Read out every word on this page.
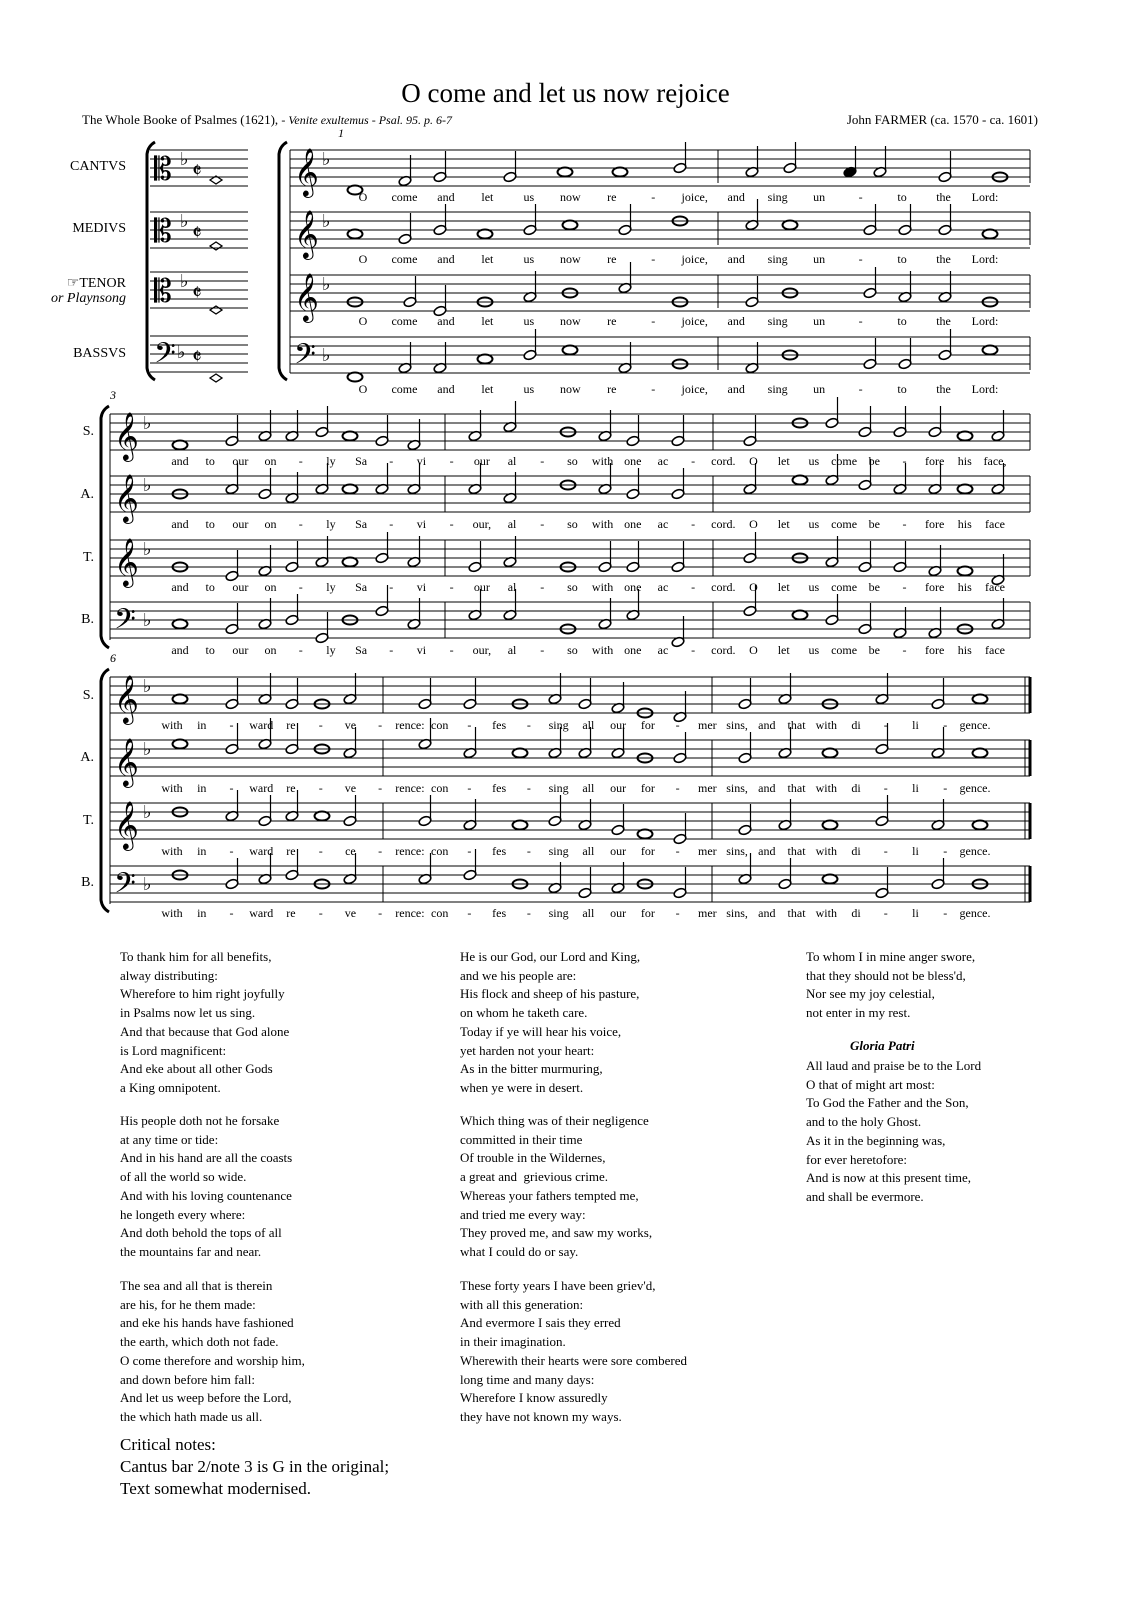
O come and let us now rejoice
The Whole Booke of Psalmes (1621), - Venite exultemus - Psal. 95. p. 6-7	John FARMER (ca. 1570 - ca. 1601)
1
3
6
CANTVS
MEDIVS
☞TENOR
or Playnsong
BASSVS
S.
A.
T.
B.
S.
A.
T.
B.
𝄡 ♭ 𝄵
𝄡 ♭ 𝄵
𝄡 ♭ 𝄵
𝄢 ♭ 𝄵
𝄞 ♭
𝄞 ♭
𝄞 ♭
𝄢 ♭
𝄞 ♭
𝄞 ♭
𝄞 ♭
𝄢 ♭
𝄞 ♭
𝄞 ♭
𝄞 ♭
𝄢 ♭
O come and let	us now re	- joice, and sing un	-	to the Lord:
O come and let	us now re	- joice, and sing un	-	to the Lord:
O come and let	us now re	- joice, and sing un	-	to the Lord:
O come and let	us now re	- joice, and sing un	-	to the Lord:
and to our on - ly Sa - vi - our al - so with one ac - cord. O let us come be - fore his face,
and to our on - ly Sa - vi - our, al - so with one ac - cord. O let us come be - fore his face
and to our on - ly Sa - vi - our al - so with one ac - cord. O let us come be - fore his face
and to our on - ly Sa - vi - our, al - so with one ac - cord. O let us come be - fore his face
with in - ward re - ve - rence: con - fes - sing all our for - mer sins, and that with di - li - gence.
with in - ward re - ve - rence: con - fes - sing all our for - mer sins, and that with di - li - gence.
with in - ward re - ce - rence: con - fes - sing all our for - mer sins, and that with di - li - gence.
with in - ward re - ve - rence: con - fes - sing all our for - mer sins, and that with di - li - gence.
To thank him for all benefits,
alway distributing:
Wherefore to him right joyfully
in Psalms now let us sing.
And that because that God alone
is Lord magnificent:
And eke about all other Gods
a King omnipotent.
His people doth not he forsake
at any time or tide:
And in his hand are all the coasts
of all the world so wide.
And with his loving countenance
he longeth every where:
And doth behold the tops of all
the mountains far and near.
The sea and all that is therein
are his, for he them made:
and eke his hands have fashioned
the earth, which doth not fade.
O come therefore and worship him,
and down before him fall:
And let us weep before the Lord,
the which hath made us all.
He is our God, our Lord and King,
and we his people are:
His flock and sheep of his pasture,
on whom he taketh care.
Today if ye will hear his voice,
yet harden not your heart:
As in the bitter murmuring,
when ye were in desert.
Which thing was of their negligence
committed in their time
Of trouble in the Wildernes,
a great and  grievious crime.
Whereas your fathers tempted me,
and tried me every way:
They proved me, and saw my works,
what I could do or say.
These forty years I have been griev'd,
with all this generation:
And evermore I sais they erred
in their imagination.
Wherewith their hearts were sore combered
long time and many days:
Wherefore I know assuredly
they have not known my ways.
To whom I in mine anger swore,
that they should not be bless'd,
Nor see my joy celestial,
not enter in my rest.
Gloria Patri
All laud and praise be to the Lord
O that of might art most:
To God the Father and the Son,
and to the holy Ghost.
As it in the beginning was,
for ever heretofore:
And is now at this present time,
and shall be evermore.
Critical notes:
Cantus bar 2/note 3 is G in the original;
Text somewhat modernised.
